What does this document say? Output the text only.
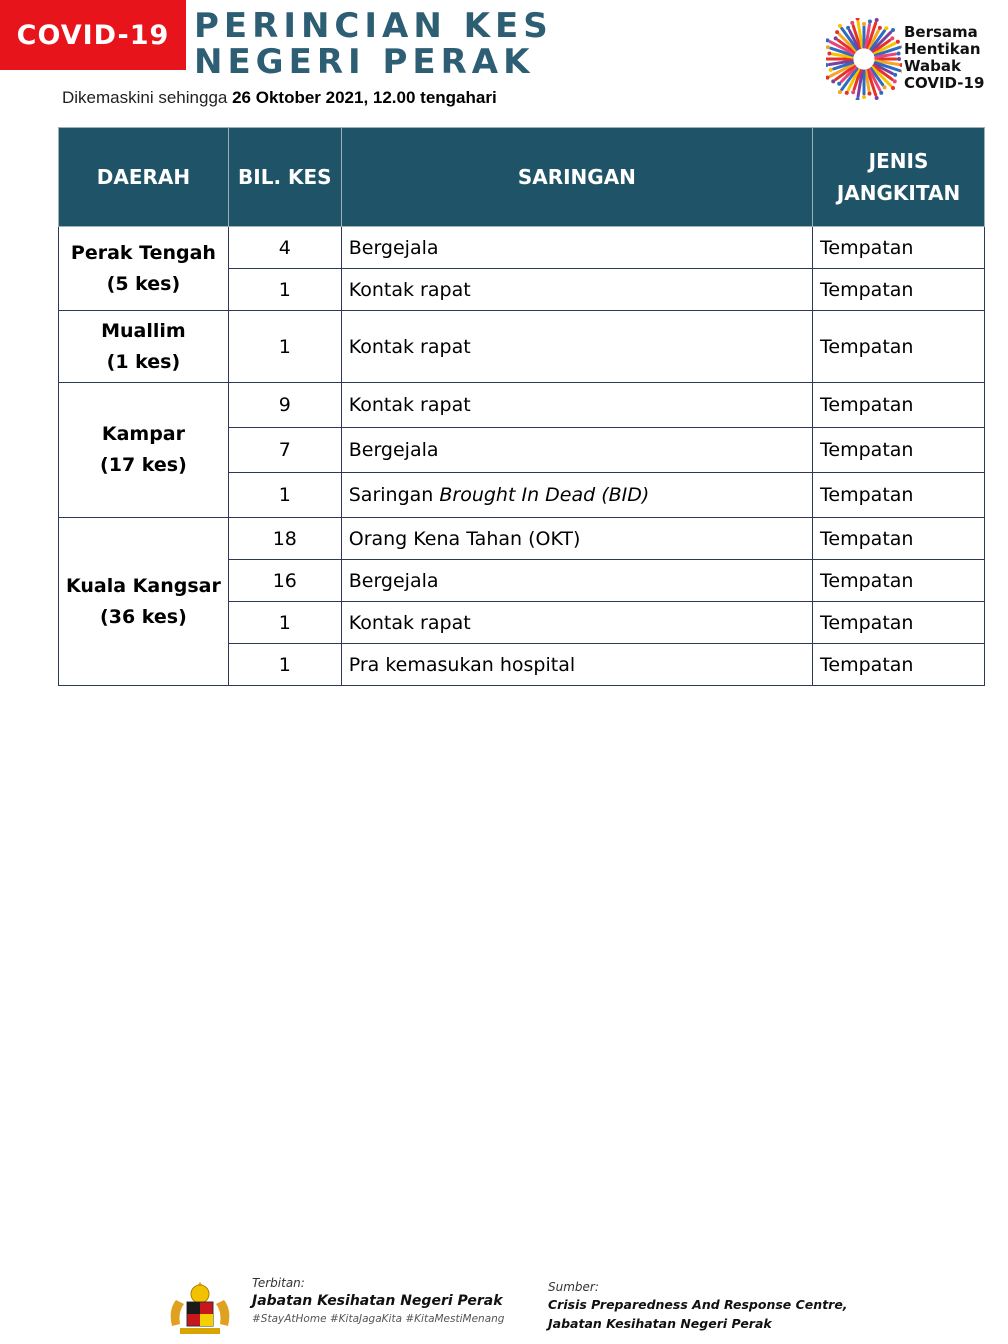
COVID-19 PERINCIAN KES
NEGERI PERAK
Dikemaskini sehingga 26 Oktober 2021, 12.00 tengahari
Bersama
Hentikan
Wabak
COVID-19
DAERAH	BIL. KES	SARINGAN	JENIS JANGKITAN

Perak Tengah
(5 kes)	4	Bergejala	Tempatan
	1	Kontak rapat	Tempatan

Muallim
(1 kes)	1	Kontak rapat	Tempatan

Kampar
(17 kes)	9	Kontak rapat	Tempatan
	7	Bergejala	Tempatan
	1	Saringan Brought In Dead (BID)	Tempatan

Kuala Kangsar
(36 kes)	18	Orang Kena Tahan (OKT)	Tempatan
	16	Bergejala	Tempatan
	1	Kontak rapat	Tempatan
	1	Pra kemasukan hospital	Tempatan
Terbitan:
Jabatan Kesihatan Negeri Perak
#StayAtHome #KitaJagaKita #KitaMestiMenang
Sumber:
Crisis Preparedness And Response Centre,
Jabatan Kesihatan Negeri Perak
